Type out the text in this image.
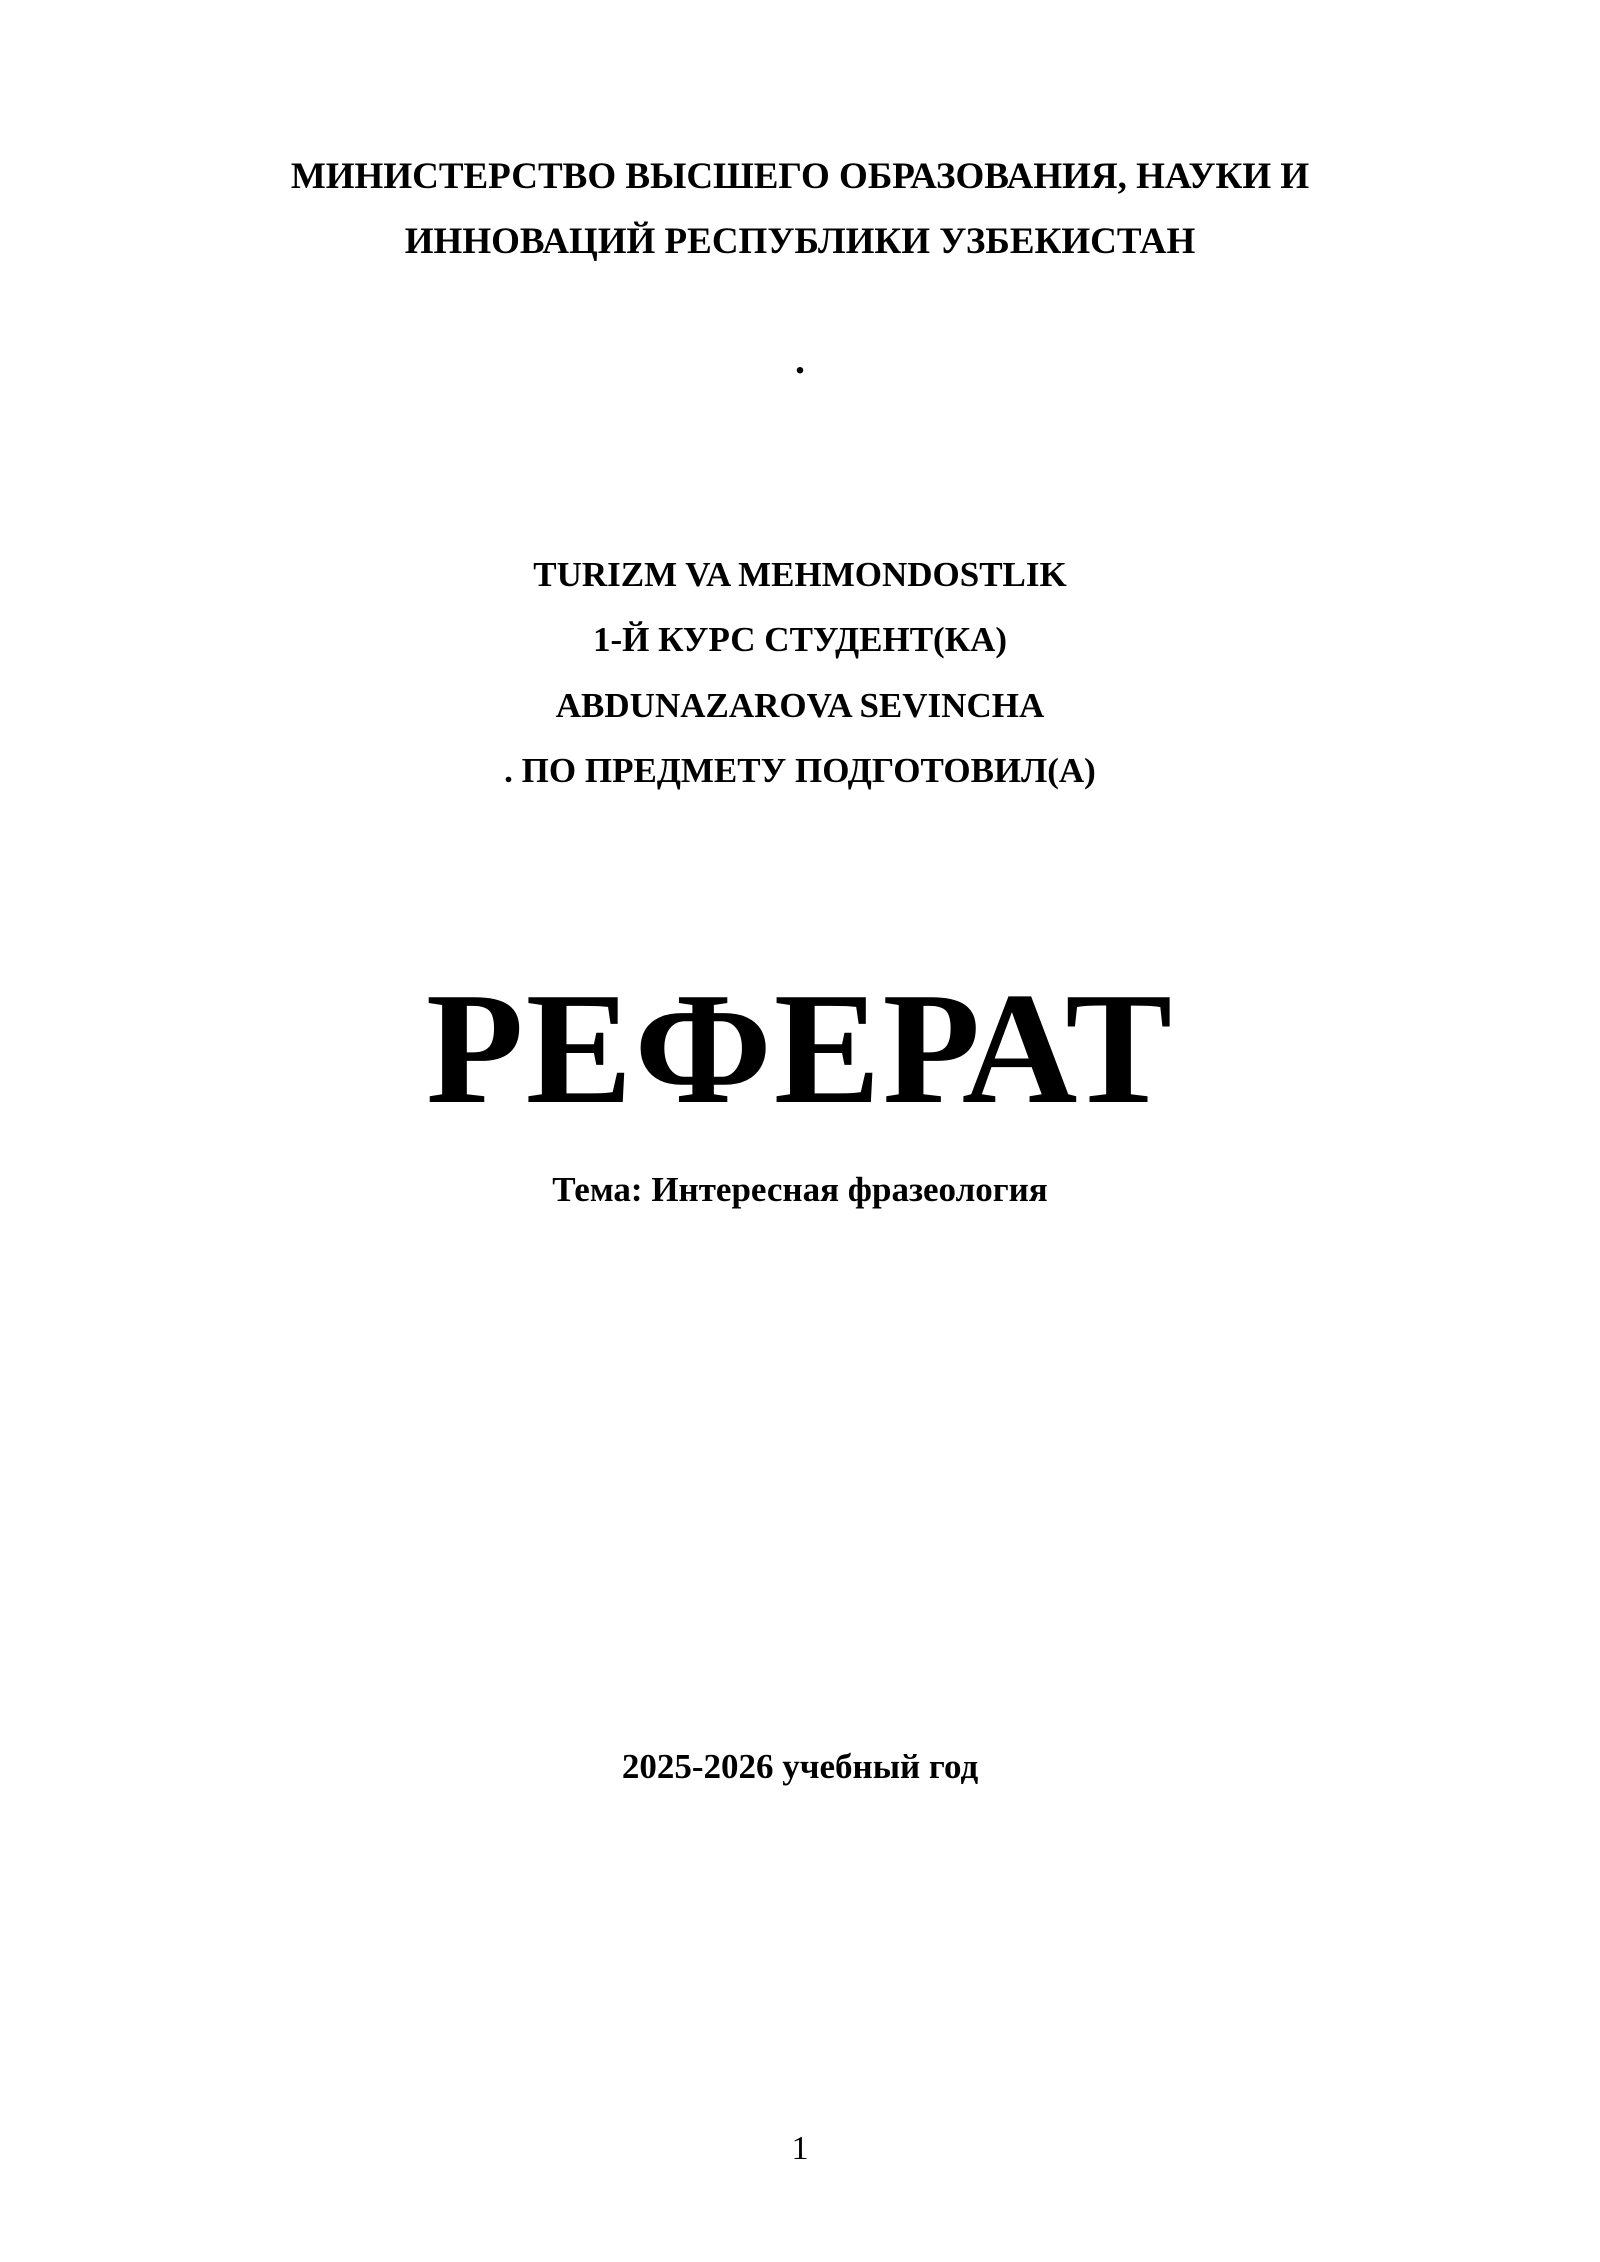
МИНИСТЕРСТВО ВЫСШЕГО ОБРАЗОВАНИЯ, НАУКИ И

ИННОВАЦИЙ РЕСПУБЛИКИ УЗБЕКИСТАН

.

TURIZM VA MEHMONDOSTLIK

1-Й КУРС СТУДЕНТ(КА)

ABDUNAZAROVA SEVINCHA

. ПО ПРЕДМЕТУ ПОДГОТОВИЛ(А)

РЕФЕРАТ

Тема: Интересная фразеология

2025-2026 учебный год

1
